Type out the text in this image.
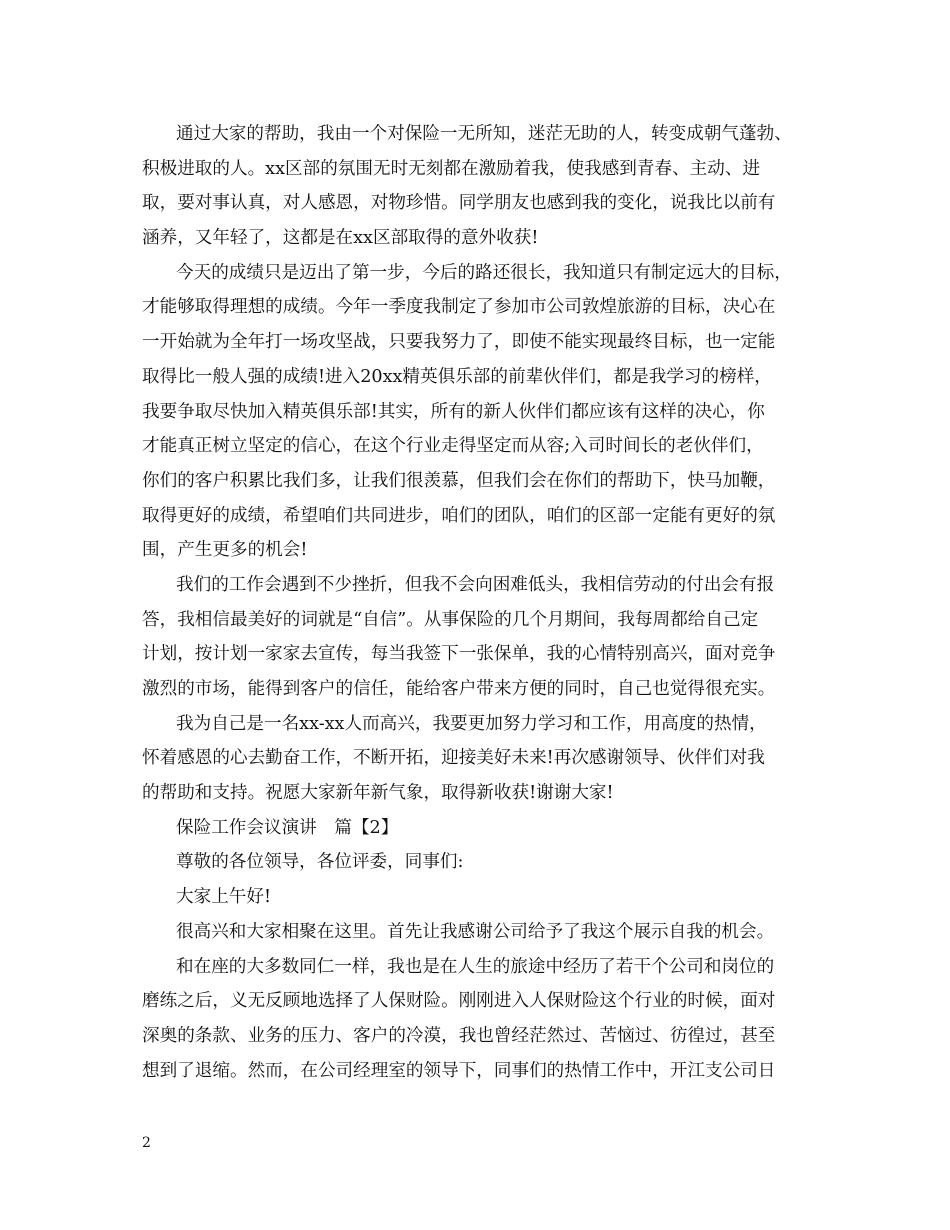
通过大家的帮助，我由一个对保险一无所知，迷茫无助的人，转变成朝气蓬勃、
积极进取的人。xx区部的氛围无时无刻都在激励着我，使我感到青春、主动、进
取，要对事认真，对人感恩，对物珍惜。同学朋友也感到我的变化，说我比以前有
涵养，又年轻了，这都是在xx区部取得的意外收获!
今天的成绩只是迈出了第一步，今后的路还很长，我知道只有制定远大的目标，
才能够取得理想的成绩。今年一季度我制定了参加市公司敦煌旅游的目标，决心在
一开始就为全年打一场攻坚战，只要我努力了，即使不能实现最终目标，也一定能
取得比一般人强的成绩!进入20xx精英俱乐部的前辈伙伴们，都是我学习的榜样，
我要争取尽快加入精英俱乐部!其实，所有的新人伙伴们都应该有这样的决心，你
才能真正树立坚定的信心，在这个行业走得坚定而从容;入司时间长的老伙伴们，
你们的客户积累比我们多，让我们很羡慕，但我们会在你们的帮助下，快马加鞭，
取得更好的成绩，希望咱们共同进步，咱们的团队，咱们的区部一定能有更好的氛
围，产生更多的机会!
我们的工作会遇到不少挫折，但我不会向困难低头，我相信劳动的付出会有报
答，我相信最美好的词就是“自信”。从事保险的几个月期间，我每周都给自己定
计划，按计划一家家去宣传，每当我签下一张保单，我的心情特别高兴，面对竞争
激烈的市场，能得到客户的信任，能给客户带来方便的同时，自己也觉得很充实。
我为自己是一名xx-xx人而高兴，我要更加努力学习和工作，用高度的热情，
怀着感恩的心去勤奋工作，不断开拓，迎接美好未来!再次感谢领导、伙伴们对我
的帮助和支持。祝愿大家新年新气象，取得新收获!谢谢大家!
保险工作会议演讲　篇【2】
尊敬的各位领导，各位评委，同事们:
大家上午好!
很高兴和大家相聚在这里。首先让我感谢公司给予了我这个展示自我的机会。
和在座的大多数同仁一样，我也是在人生的旅途中经历了若干个公司和岗位的
磨练之后，义无反顾地选择了人保财险。刚刚进入人保财险这个行业的时候，面对
深奥的条款、业务的压力、客户的冷漠，我也曾经茫然过、苦恼过、彷徨过，甚至
想到了退缩。然而，在公司经理室的领导下，同事们的热情工作中，开江支公司日
2
